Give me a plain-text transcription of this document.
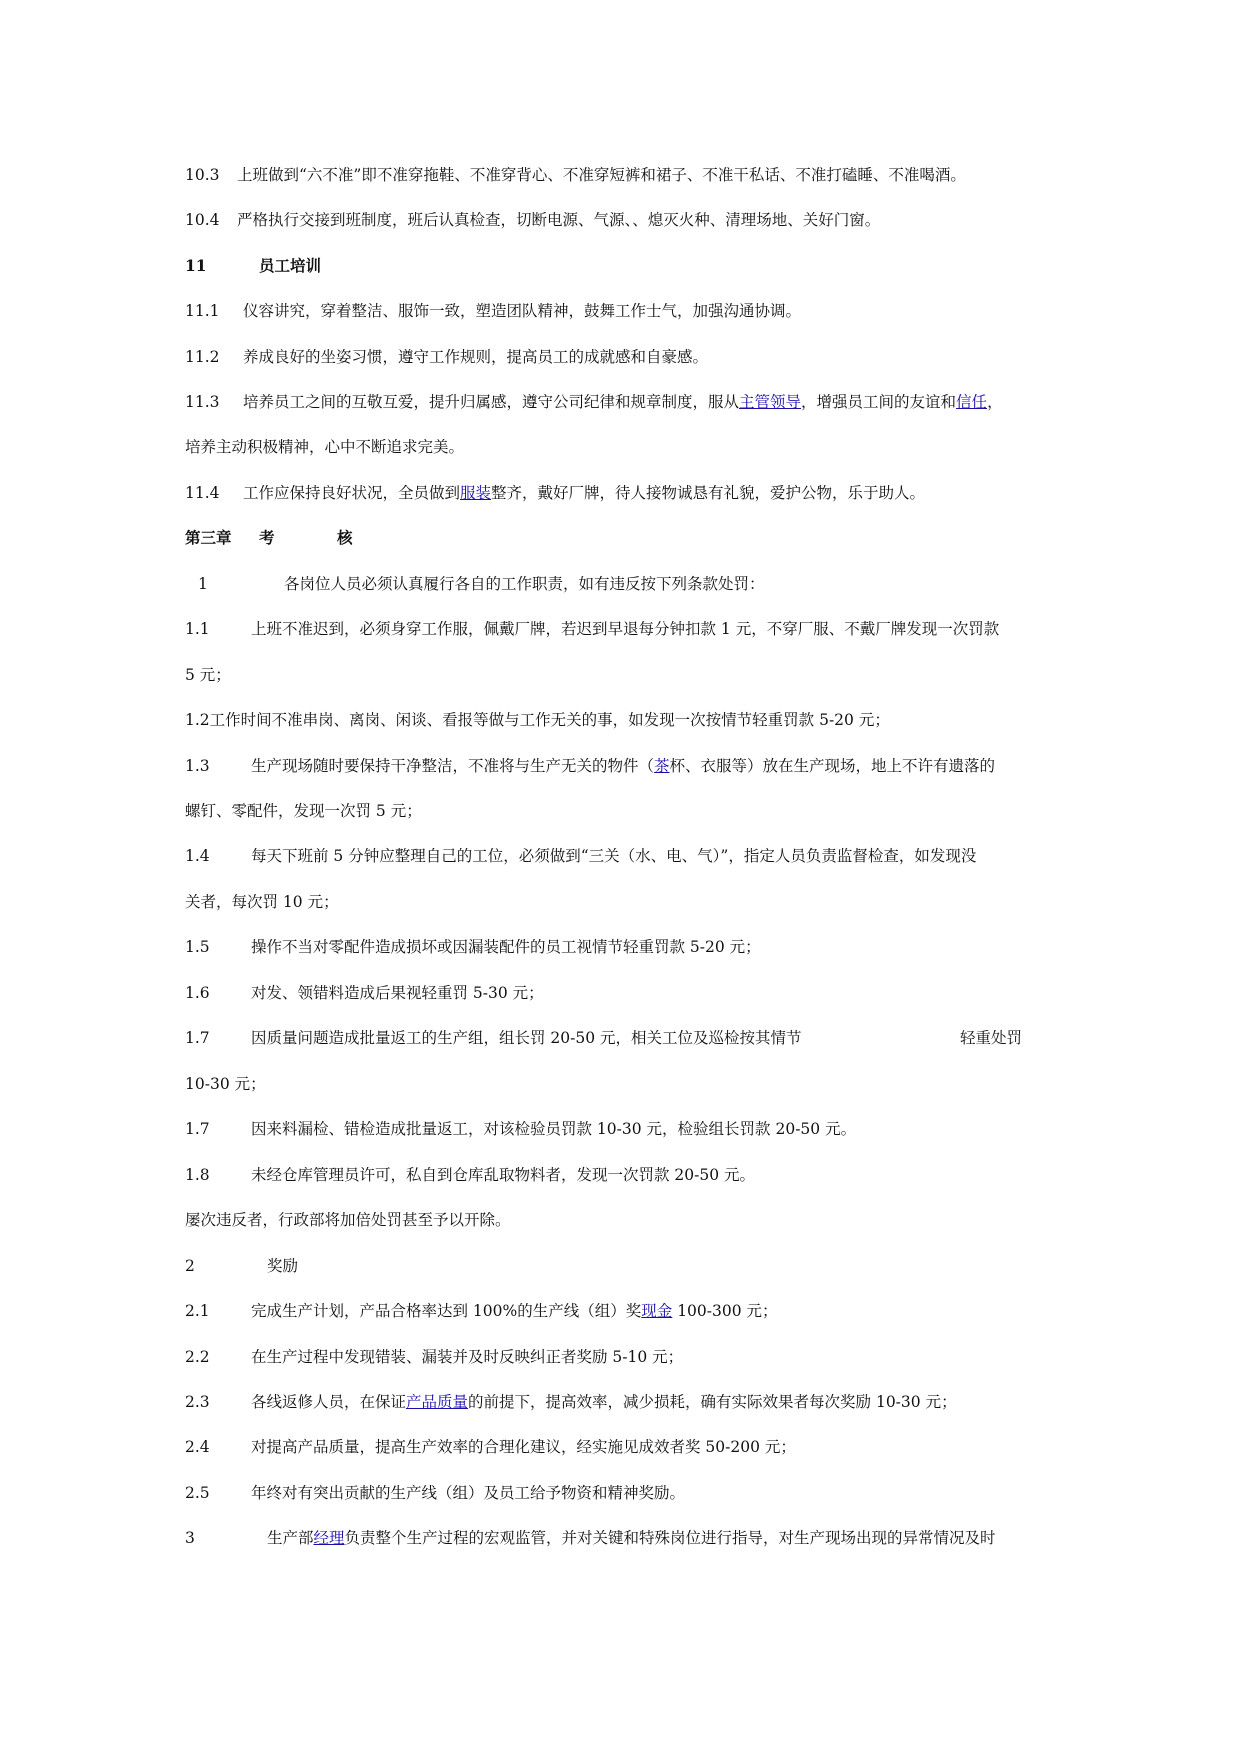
10.3 上班做到“六不准”即不准穿拖鞋、不准穿背心、不准穿短裤和裙子、不准干私话、不准打磕睡、不准喝酒。
10.4 严格执行交接到班制度，班后认真检查，切断电源、气源、、熄灭火种、清理场地、关好门窗。
11	员工培训
11.1 仪容讲究，穿着整洁、服饰一致，塑造团队精神，鼓舞工作士气，加强沟通协调。
11.2 养成良好的坐姿习惯，遵守工作规则，提高员工的成就感和自豪感。
11.3 培养员工之间的互敬互爱，提升归属感，遵守公司纪律和规章制度，服从主管领导，增强员工间的友谊和信任，
培养主动积极精神，心中不断追求完美。
11.4 工作应保持良好状况，全员做到服装整齐，戴好厂牌，待人接物诚恳有礼貌，爱护公物，乐于助人。
第三章 考	核
1	各岗位人员必须认真履行各自的工作职责，如有违反按下列条款处罚：
1.1	上班不准迟到，必须身穿工作服，佩戴厂牌，若迟到早退每分钟扣款 1 元，不穿厂服、不戴厂牌发现一次罚款
5 元；
1.2工作时间不准串岗、离岗、闲谈、看报等做与工作无关的事，如发现一次按情节轻重罚款 5-20 元；
1.3	生产现场随时要保持干净整洁，不准将与生产无关的物件（茶杯、衣服等）放在生产现场，地上不许有遗落的
螺钉、零配件，发现一次罚 5 元；
1.4	每天下班前 5 分钟应整理自己的工位，必须做到“三关（水、电、气）”，指定人员负责监督检查，如发现没
关者，每次罚 10 元；
1.5	操作不当对零配件造成损坏或因漏装配件的员工视情节轻重罚款 5-20 元；
1.6	对发、领错料造成后果视轻重罚 5-30 元；
1.7	因质量问题造成批量返工的生产组，组长罚 20-50 元，相关工位及巡检按其情节	轻重处罚
10-30 元；
1.7	因来料漏检、错检造成批量返工，对该检验员罚款 10-30 元，检验组长罚款 20-50 元。
1.8	未经仓库管理员许可，私自到仓库乱取物料者，发现一次罚款 20-50 元。
屡次违反者，行政部将加倍处罚甚至予以开除。
2	奖励
2.1	完成生产计划，产品合格率达到 100%的生产线（组）奖现金 100-300 元；
2.2	在生产过程中发现错装、漏装并及时反映纠正者奖励 5-10 元；
2.3	各线返修人员，在保证产品质量的前提下，提高效率，减少损耗，确有实际效果者每次奖励 10-30 元；
2.4	对提高产品质量，提高生产效率的合理化建议，经实施见成效者奖 50-200 元；
2.5	年终对有突出贡献的生产线（组）及员工给予物资和精神奖励。
3	生产部经理负责整个生产过程的宏观监管，并对关键和特殊岗位进行指导，对生产现场出现的异常情况及时
